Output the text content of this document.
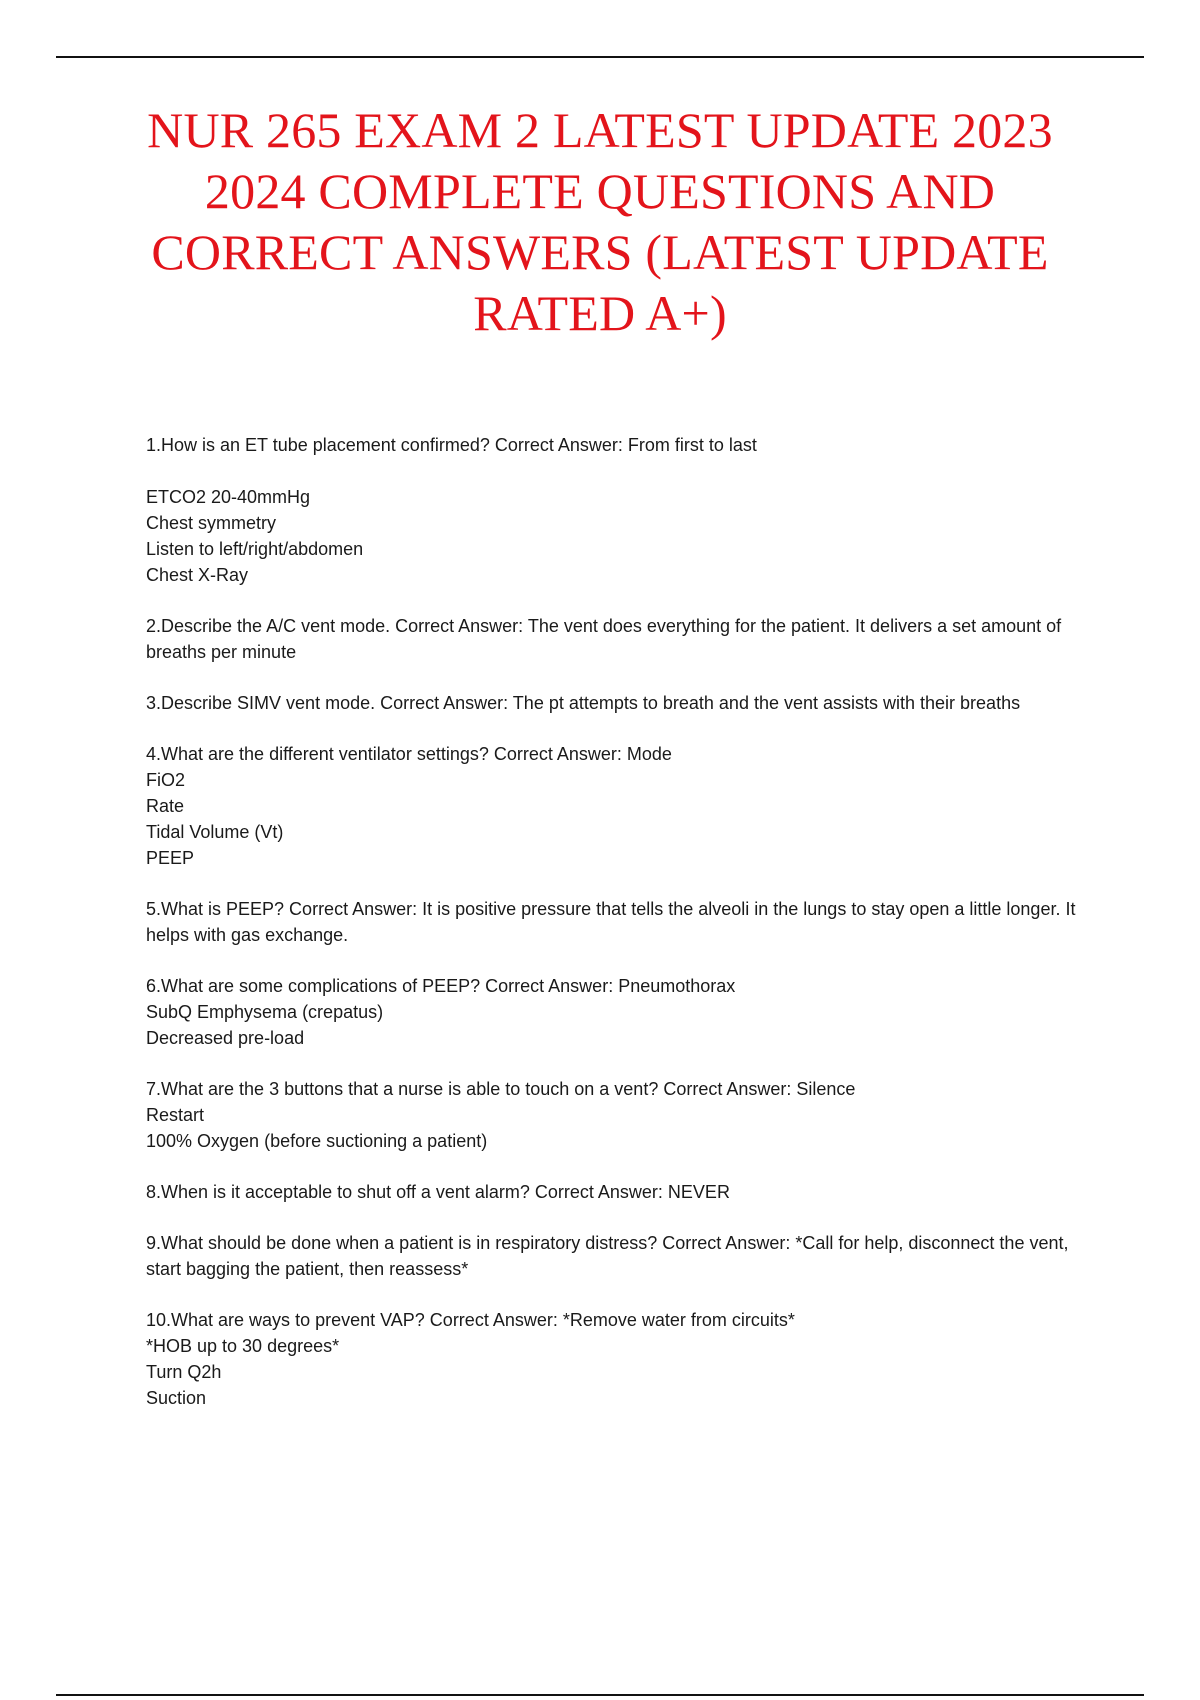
NUR 265 EXAM 2 LATEST UPDATE 2023 2024 COMPLETE QUESTIONS AND CORRECT ANSWERS (LATEST UPDATE RATED A+)

1.How is an ET tube placement confirmed? Correct Answer: From first to last

ETCO2 20-40mmHg

Chest symmetry

Listen to left/right/abdomen

Chest X-Ray

2.Describe the A/C vent mode. Correct Answer: The vent does everything for the patient. It delivers a set amount of breaths per minute

3.Describe SIMV vent mode. Correct Answer: The pt attempts to breath and the vent assists with their breaths

4.What are the different ventilator settings? Correct Answer: Mode

FiO2

Rate

Tidal Volume (Vt)

PEEP

5.What is PEEP? Correct Answer: It is positive pressure that tells the alveoli in the lungs to stay open a little longer. It helps with gas exchange.

6.What are some complications of PEEP? Correct Answer: Pneumothorax

SubQ Emphysema (crepatus)

Decreased pre-load

7.What are the 3 buttons that a nurse is able to touch on a vent? Correct Answer: Silence

Restart

100% Oxygen (before suctioning a patient)

8.When is it acceptable to shut off a vent alarm? Correct Answer: NEVER

9.What should be done when a patient is in respiratory distress? Correct Answer: *Call for help, disconnect the vent, start bagging the patient, then reassess*

10.What are ways to prevent VAP? Correct Answer: *Remove water from circuits*

*HOB up to 30 degrees*

Turn Q2h

Suction
